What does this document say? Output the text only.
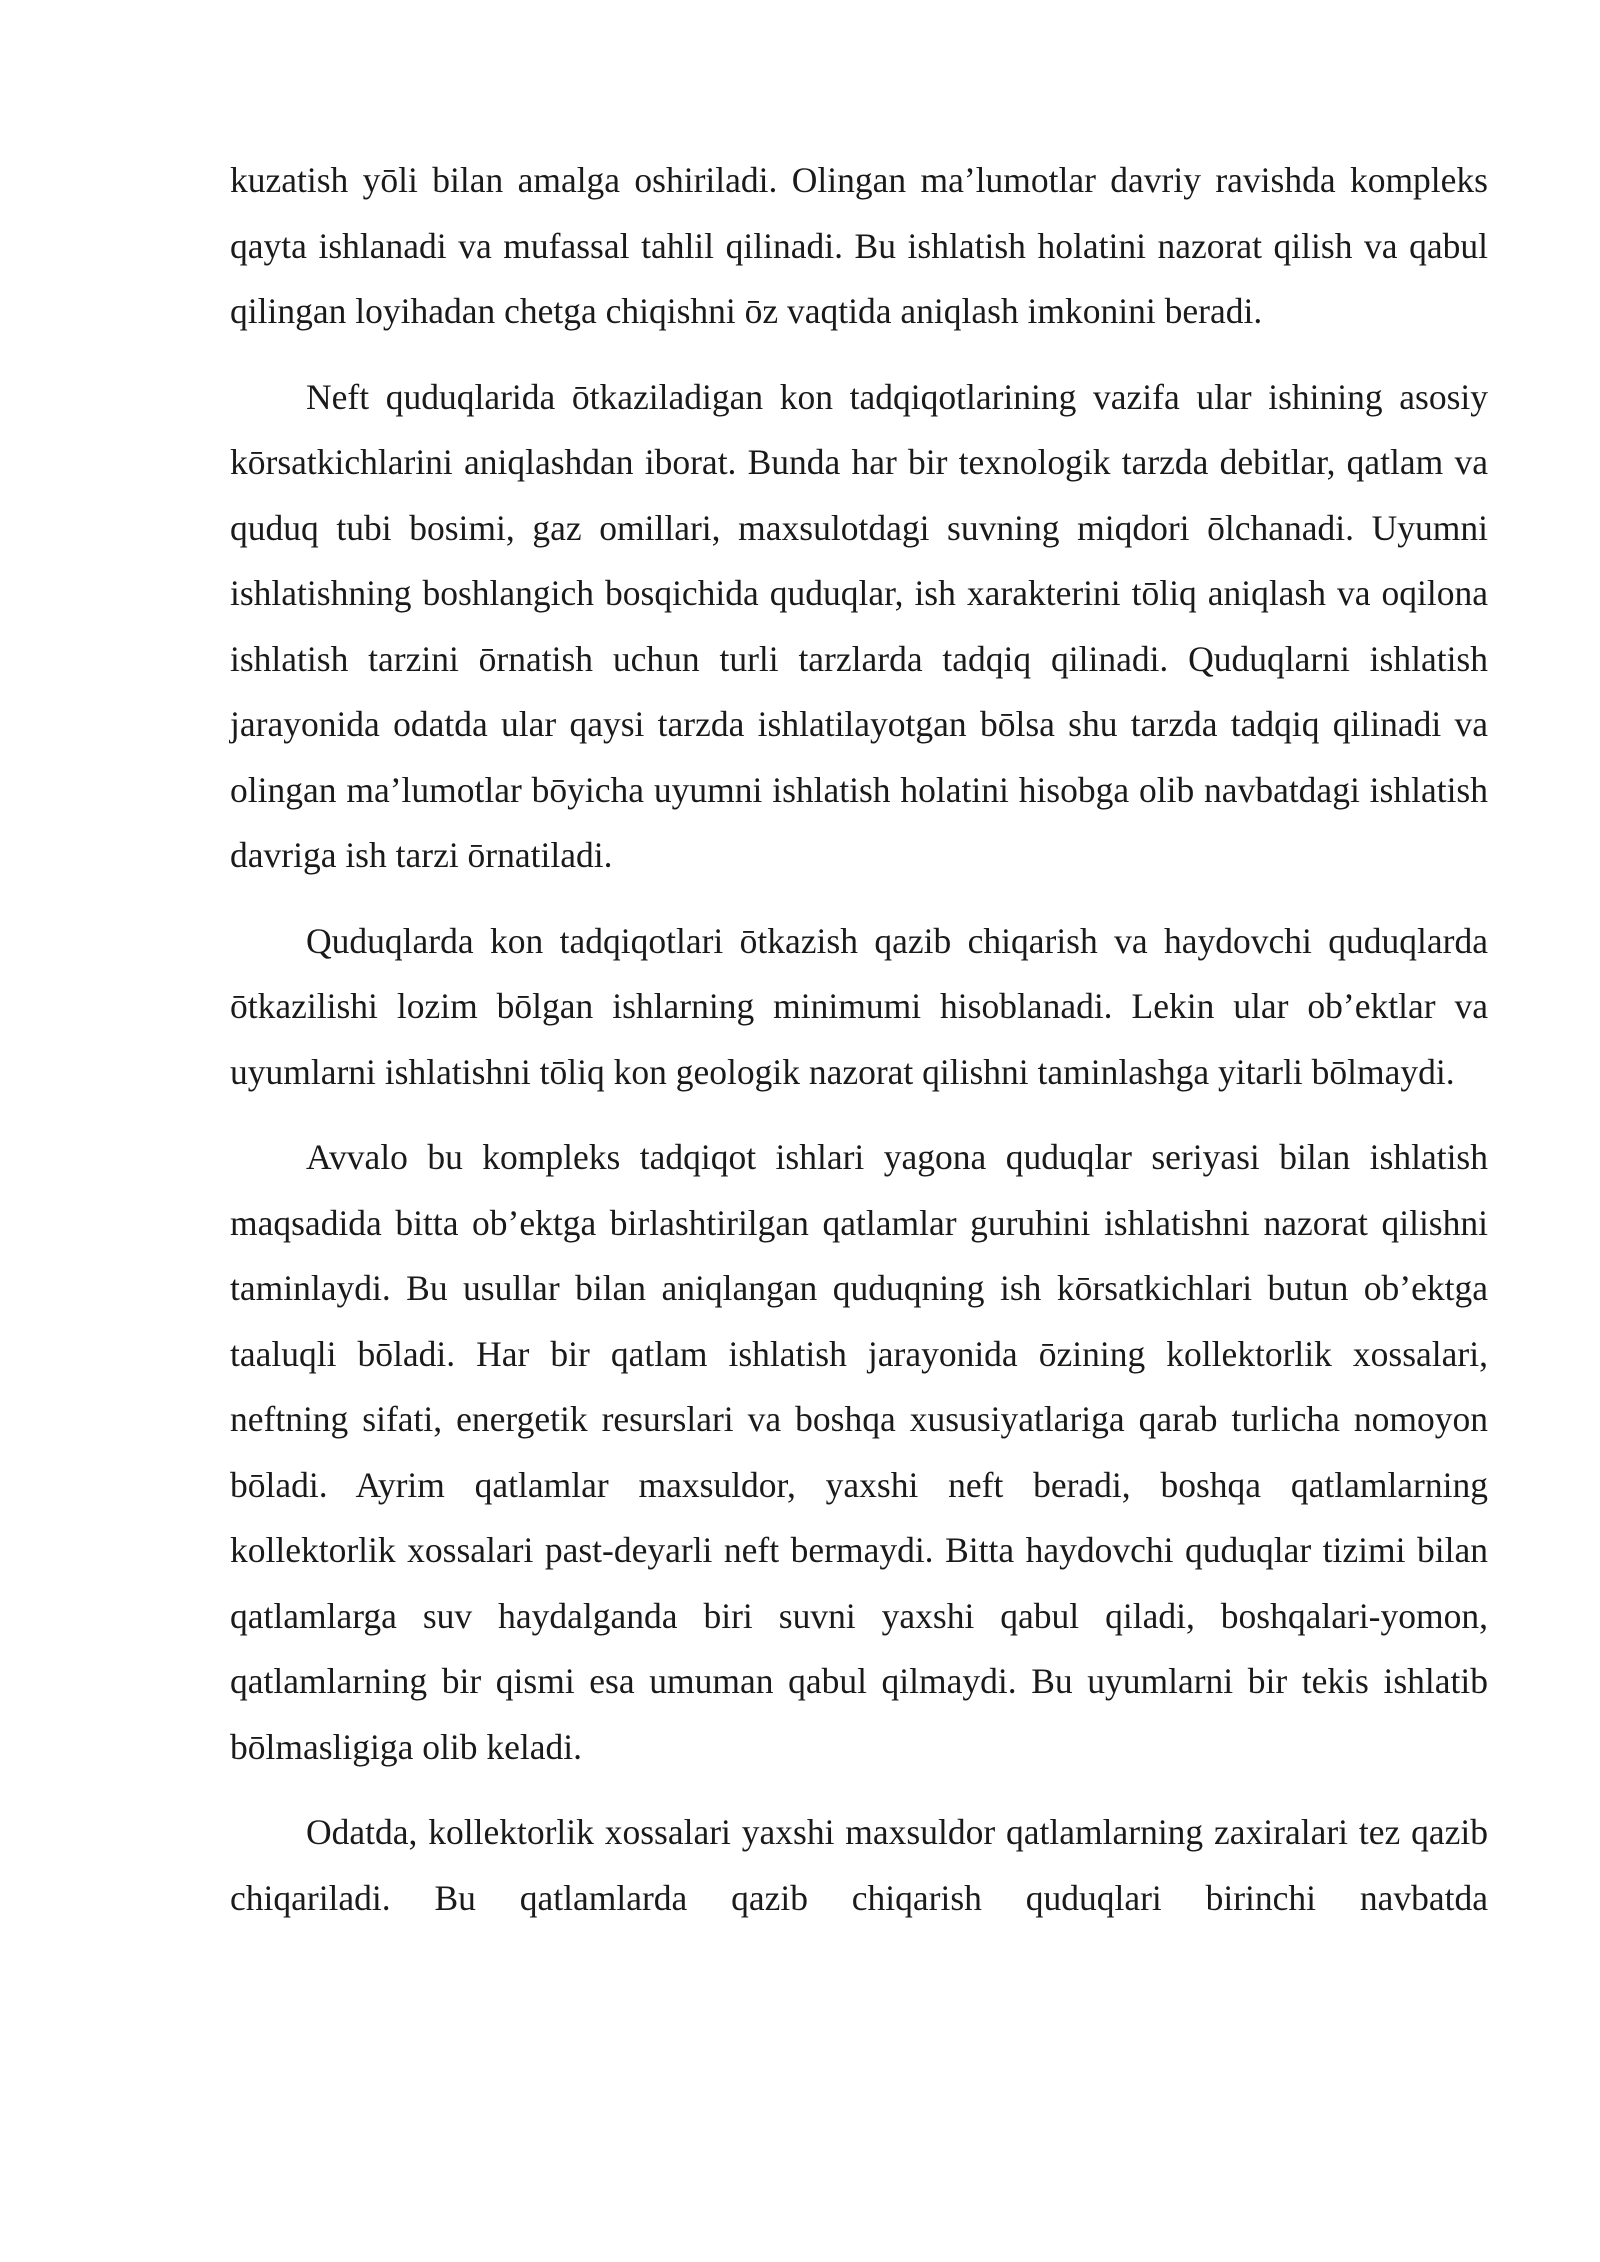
kuzatish yōli bilan amalga oshiriladi. Olingan ma’lumotlar davriy ravishda kompleks qayta ishlanadi va mufassal tahlil qilinadi. Bu ishlatish holatini nazorat qilish va qabul qilingan loyihadan chetga chiqishni ōz vaqtida aniqlash imkonini beradi.

Neft quduqlarida ōtkaziladigan kon tadqiqotlarining vazifa ular ishining asosiy kōrsatkichlarini aniqlashdan iborat. Bunda har bir texnologik tarzda debitlar, qatlam va quduq tubi bosimi, gaz omillari, maxsulotdagi suvning miqdori ōlchanadi. Uyumni ishlatishning boshlangich bosqichida quduqlar, ish xarakterini tōliq aniqlash va oqilona ishlatish tarzini ōrnatish uchun turli tarzlarda tadqiq qilinadi. Quduqlarni ishlatish jarayonida odatda ular qaysi tarzda ishlatilayotgan bōlsa shu tarzda tadqiq qilinadi va olingan ma’lumotlar bōyicha uyumni ishlatish holatini hisobga olib navbatdagi ishlatish davriga ish tarzi ōrnatiladi.

Quduqlarda kon tadqiqotlari ōtkazish qazib chiqarish va haydovchi quduqlarda ōtkazilishi lozim bōlgan ishlarning minimumi hisoblanadi. Lekin ular ob’ektlar va uyumlarni ishlatishni tōliq kon geologik nazorat qilishni taminlashga yitarli bōlmaydi.

Avvalo bu kompleks tadqiqot ishlari yagona quduqlar seriyasi bilan ishlatish maqsadida bitta ob’ektga birlashtirilgan qatlamlar guruhini ishlatishni nazorat qilishni taminlaydi. Bu usullar bilan aniqlangan quduqning ish kōrsatkichlari butun ob’ektga taaluqli bōladi. Har bir qatlam ishlatish jarayonida ōzining kollektorlik xossalari, neftning sifati, energetik resurslari va boshqa xususiyatlariga qarab turlicha nomoyon bōladi. Ayrim qatlamlar maxsuldor, yaxshi neft beradi, boshqa qatlamlarning kollektorlik xossalari past-deyarli neft bermaydi. Bitta haydovchi quduqlar tizimi bilan qatlamlarga suv haydalganda biri suvni yaxshi qabul qiladi, boshqalari-yomon, qatlamlarning bir qismi esa umuman qabul qilmaydi. Bu uyumlarni bir tekis ishlatib bōlmasligiga olib keladi.

Odatda, kollektorlik xossalari yaxshi maxsuldor qatlamlarning zaxiralari tez qazib chiqariladi. Bu qatlamlarda qazib chiqarish quduqlari birinchi navbatda
